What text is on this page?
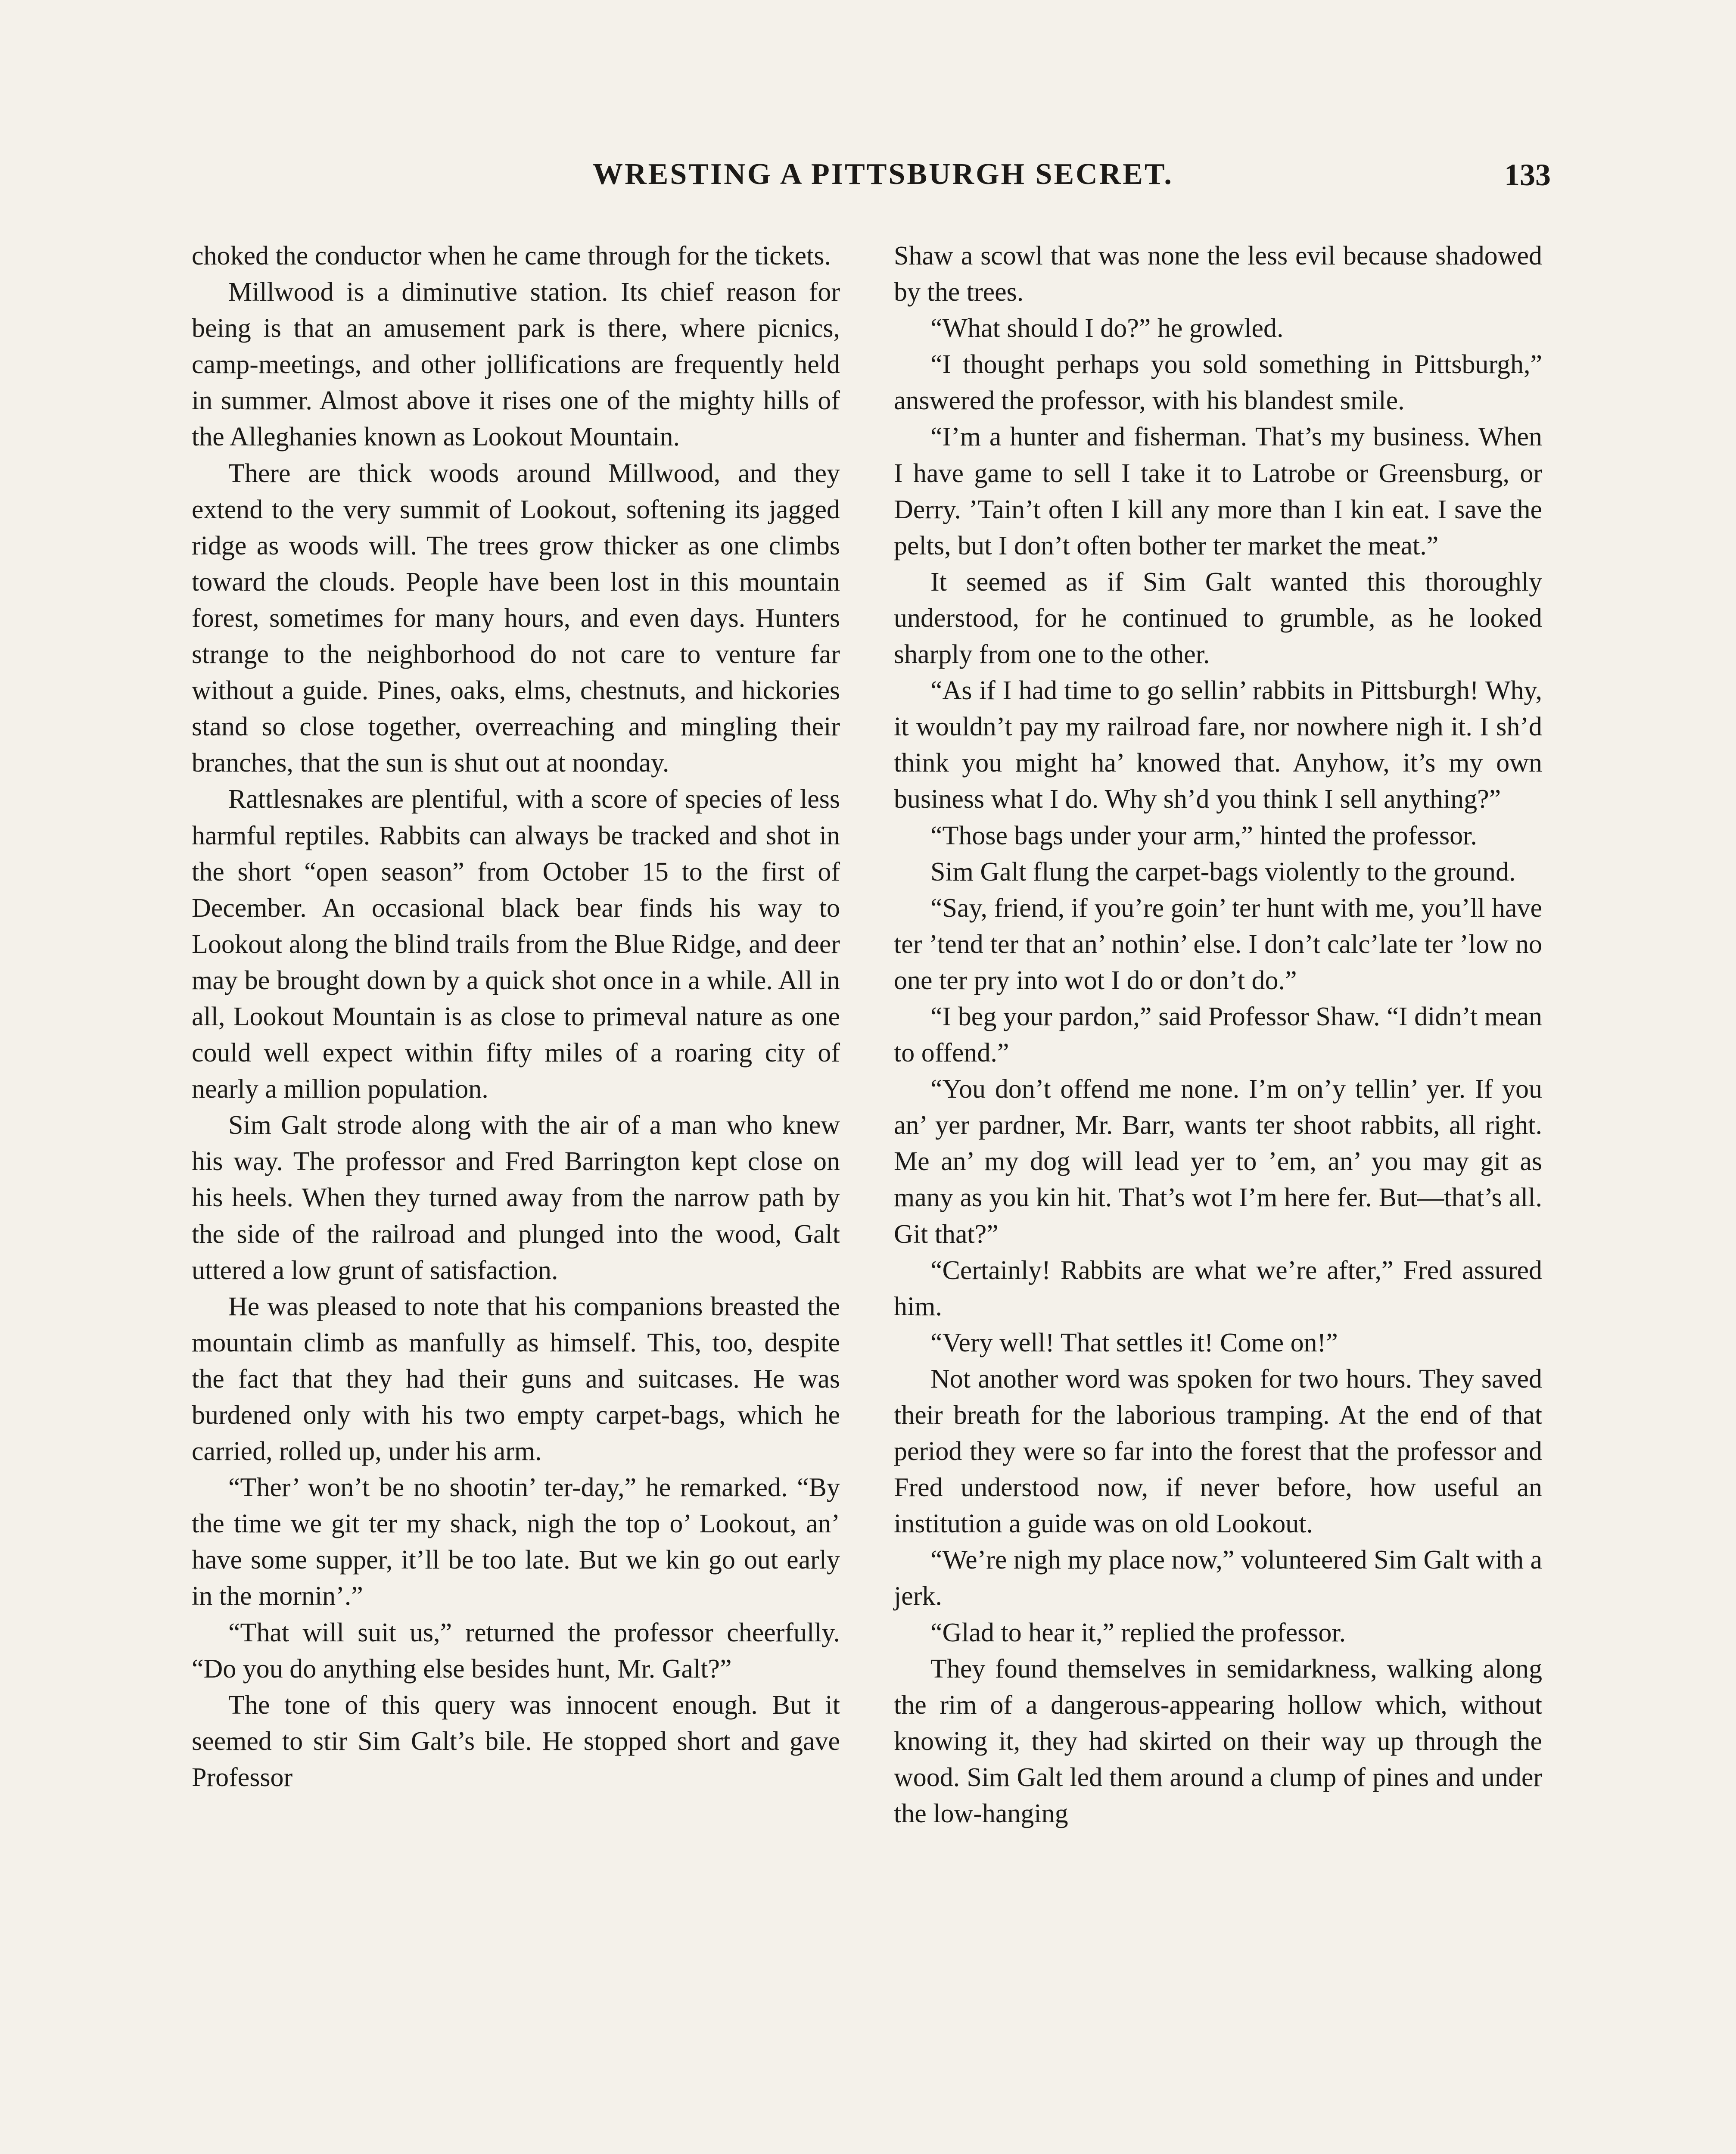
WRESTING A PITTSBURGH SECRET.	133

choked the conductor when he came through for the tickets.

Millwood is a diminutive station. Its chief reason for being is that an amusement park is there, where picnics, camp-meetings, and other jollifications are frequently held in summer. Almost above it rises one of the mighty hills of the Alleghanies known as Lookout Mountain.

There are thick woods around Millwood, and they extend to the very summit of Lookout, softening its jagged ridge as woods will. The trees grow thicker as one climbs toward the clouds. People have been lost in this mountain forest, sometimes for many hours, and even days. Hunters strange to the neighborhood do not care to venture far without a guide. Pines, oaks, elms, chestnuts, and hickories stand so close together, overreaching and mingling their branches, that the sun is shut out at noonday.

Rattlesnakes are plentiful, with a score of species of less harmful reptiles. Rabbits can always be tracked and shot in the short “open season” from October 15 to the first of December. An occasional black bear finds his way to Lookout along the blind trails from the Blue Ridge, and deer may be brought down by a quick shot once in a while. All in all, Lookout Mountain is as close to primeval nature as one could well expect within fifty miles of a roaring city of nearly a million population.

Sim Galt strode along with the air of a man who knew his way. The professor and Fred Barrington kept close on his heels. When they turned away from the narrow path by the side of the railroad and plunged into the wood, Galt uttered a low grunt of satisfaction.

He was pleased to note that his companions breasted the mountain climb as manfully as himself. This, too, despite the fact that they had their guns and suitcases. He was burdened only with his two empty carpet-bags, which he carried, rolled up, under his arm.

“Ther’ won’t be no shootin’ ter-day,” he remarked. “By the time we git ter my shack, nigh the top o’ Lookout, an’ have some supper, it’ll be too late. But we kin go out early in the mornin’.”

“That will suit us,” returned the professor cheerfully. “Do you do anything else besides hunt, Mr. Galt?”

The tone of this query was innocent enough. But it seemed to stir Sim Galt’s bile. He stopped short and gave Professor

Shaw a scowl that was none the less evil because shadowed by the trees.

“What should I do?” he growled.

“I thought perhaps you sold something in Pittsburgh,” answered the professor, with his blandest smile.

“I’m a hunter and fisherman. That’s my business. When I have game to sell I take it to Latrobe or Greensburg, or Derry. ’Tain’t often I kill any more than I kin eat. I save the pelts, but I don’t often bother ter market the meat.”

It seemed as if Sim Galt wanted this thoroughly understood, for he continued to grumble, as he looked sharply from one to the other.

“As if I had time to go sellin’ rabbits in Pittsburgh! Why, it wouldn’t pay my railroad fare, nor nowhere nigh it. I sh’d think you might ha’ knowed that. Anyhow, it’s my own business what I do. Why sh’d you think I sell anything?”

“Those bags under your arm,” hinted the professor.

Sim Galt flung the carpet-bags violently to the ground.

“Say, friend, if you’re goin’ ter hunt with me, you’ll have ter ’tend ter that an’ nothin’ else. I don’t calc’late ter ’low no one ter pry into wot I do or don’t do.”

“I beg your pardon,” said Professor Shaw. “I didn’t mean to offend.”

“You don’t offend me none. I’m on’y tellin’ yer. If you an’ yer pardner, Mr. Barr, wants ter shoot rabbits, all right. Me an’ my dog will lead yer to ’em, an’ you may git as many as you kin hit. That’s wot I’m here fer. But—that’s all. Git that?”

“Certainly! Rabbits are what we’re after,” Fred assured him.

“Very well! That settles it! Come on!”

Not another word was spoken for two hours. They saved their breath for the laborious tramping. At the end of that period they were so far into the forest that the professor and Fred understood now, if never before, how useful an institution a guide was on old Lookout.

“We’re nigh my place now,” volunteered Sim Galt with a jerk.

“Glad to hear it,” replied the professor.

They found themselves in semidarkness, walking along the rim of a dangerous-appearing hollow which, without knowing it, they had skirted on their way up through the wood. Sim Galt led them around a clump of pines and under the low-hanging
